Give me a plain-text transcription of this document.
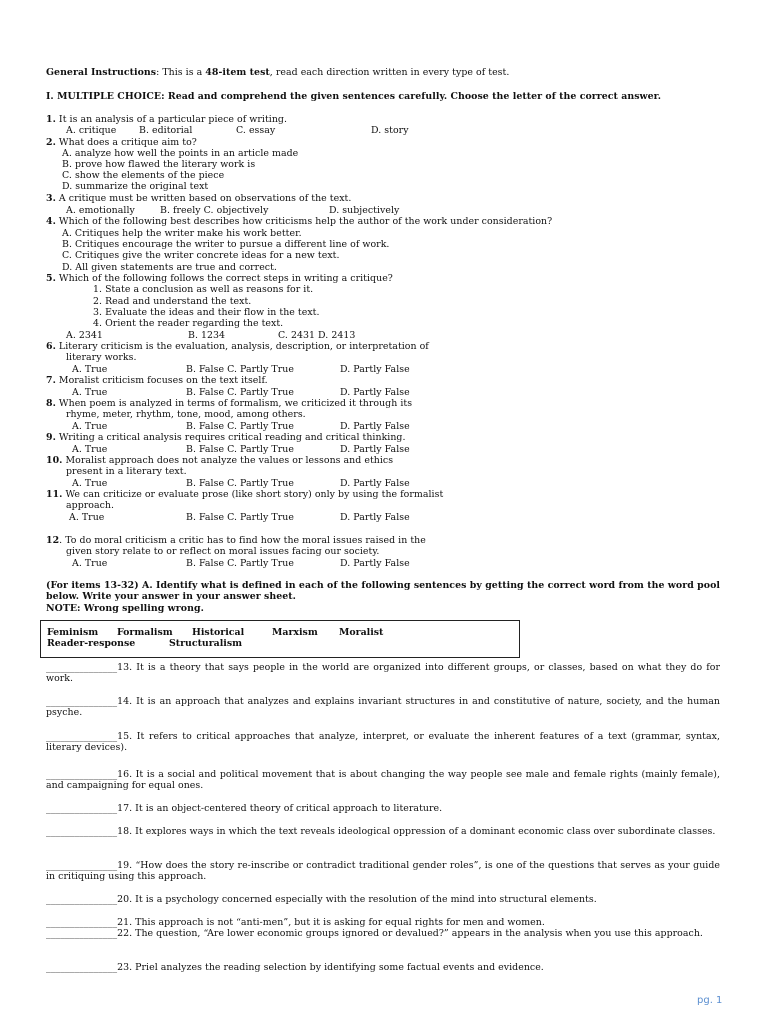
General Instructions: This is a 48-item test, read each direction written in every type of test.
I. MULTIPLE CHOICE: Read and comprehend the given sentences carefully. Choose the letter of the correct answer.
1. It is an analysis of a particular piece of writing.
A. critique B. editorial	C. essay	D. story
2. What does a critique aim to?
A. analyze how well the points in an article made
B. prove how flawed the literary work is
C. show the elements of the piece
D. summarize the original text
3. A critique must be written based on observations of the text.
A. emotionally	B. freely C. objectively	D. subjectively
4. Which of the following best describes how criticisms help the author of the work under consideration?
A. Critiques help the writer make his work better.
B. Critiques encourage the writer to pursue a different line of work.
C. Critiques give the writer concrete ideas for a new text.
D. All given statements are true and correct.
5. Which of the following follows the correct steps in writing a critique?
1. State a conclusion as well as reasons for it.
2. Read and understand the text.
3. Evaluate the ideas and their flow in the text.
4. Orient the reader regarding the text.
A. 2341	B. 1234	C. 2431 D. 2413
6. Literary criticism is the evaluation, analysis, description, or interpretation of
literary works.
A. True	B. False C. Partly True	D. Partly False
7. Moralist criticism focuses on the text itself.
A. True	B. False C. Partly True	D. Partly False
8. When poem is analyzed in terms of formalism, we criticized it through its
rhyme, meter, rhythm, tone, mood, among others.
A. True	B. False C. Partly True	D. Partly False
9. Writing a critical analysis requires critical reading and critical thinking.
A. True	B. False C. Partly True	D. Partly False
10. Moralist approach does not analyze the values or lessons and ethics
present in a literary text.
A. True	B. False C. Partly True	D. Partly False
11. We can criticize or evaluate prose (like short story) only by using the formalist
approach.
A. True	B. False C. Partly True	D. Partly False
12. To do moral criticism a critic has to find how the moral issues raised in the
given story relate to or reflect on moral issues facing our society.
A. True	B. False C. Partly True	D. Partly False
(For items 13-32) A. Identify what is defined in each of the following sentences by getting the correct word from the word pool below. Write your answer in your answer sheet.
NOTE: Wrong spelling wrong.
Feminism Formalism Historical	Marxism Moralist
Reader-response	Structuralism
_______________13. It is a theory that says people in the world are organized into different groups, or classes, based on what they do for work.
_______________14. It is an approach that analyzes and explains invariant structures in and constitutive of nature, society, and the human psyche.
_______________15. It refers to critical approaches that analyze, interpret, or evaluate the inherent features of a text (grammar, syntax, literary devices).
_______________16. It is a social and political movement that is about changing the way people see male and female rights (mainly female), and campaigning for equal ones.
_______________17. It is an object-centered theory of critical approach to literature.
_______________18. It explores ways in which the text reveals ideological oppression of a dominant economic class over subordinate classes.
_______________19. “How does the story re-inscribe or contradict traditional gender roles”, is one of the questions that serves as your guide in critiquing using this approach.
_______________20. It is a psychology concerned especially with the resolution of the mind into structural elements.
_______________21. This approach is not “anti-men”, but it is asking for equal rights for men and women.
_______________22. The question, “Are lower economic groups ignored or devalued?” appears in the analysis when you use this approach.
_______________23. Priel analyzes the reading selection by identifying some factual events and evidence.
pg. 1
